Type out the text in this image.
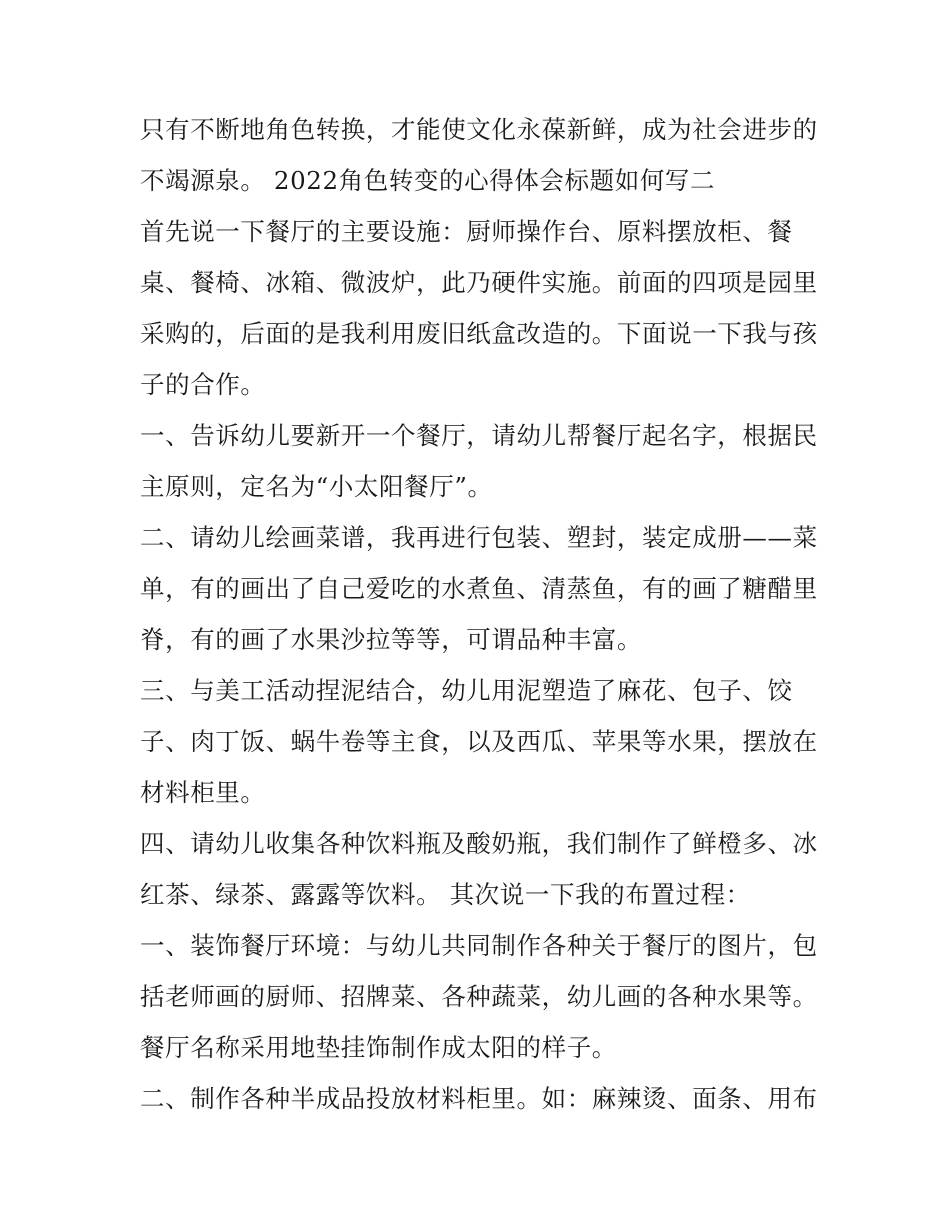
只有不断地角色转换，才能使文化永葆新鲜，成为社会进步的
不竭源泉。 2022角色转变的心得体会标题如何写二
首先说一下餐厅的主要设施：厨师操作台、原料摆放柜、餐
桌、餐椅、冰箱、微波炉，此乃硬件实施。前面的四项是园里
采购的，后面的是我利用废旧纸盒改造的。下面说一下我与孩
子的合作。
一、告诉幼儿要新开一个餐厅，请幼儿帮餐厅起名字，根据民
主原则，定名为“小太阳餐厅”。
二、请幼儿绘画菜谱，我再进行包装、塑封，装定成册——菜
单，有的画出了自己爱吃的水煮鱼、清蒸鱼，有的画了糖醋里
脊，有的画了水果沙拉等等，可谓品种丰富。
三、与美工活动捏泥结合，幼儿用泥塑造了麻花、包子、饺
子、肉丁饭、蜗牛卷等主食，以及西瓜、苹果等水果，摆放在
材料柜里。
四、请幼儿收集各种饮料瓶及酸奶瓶，我们制作了鲜橙多、冰
红茶、绿茶、露露等饮料。 其次说一下我的布置过程：
一、装饰餐厅环境：与幼儿共同制作各种关于餐厅的图片，包
括老师画的厨师、招牌菜、各种蔬菜，幼儿画的各种水果等。
餐厅名称采用地垫挂饰制作成太阳的样子。
二、制作各种半成品投放材料柜里。如：麻辣烫、面条、用布
